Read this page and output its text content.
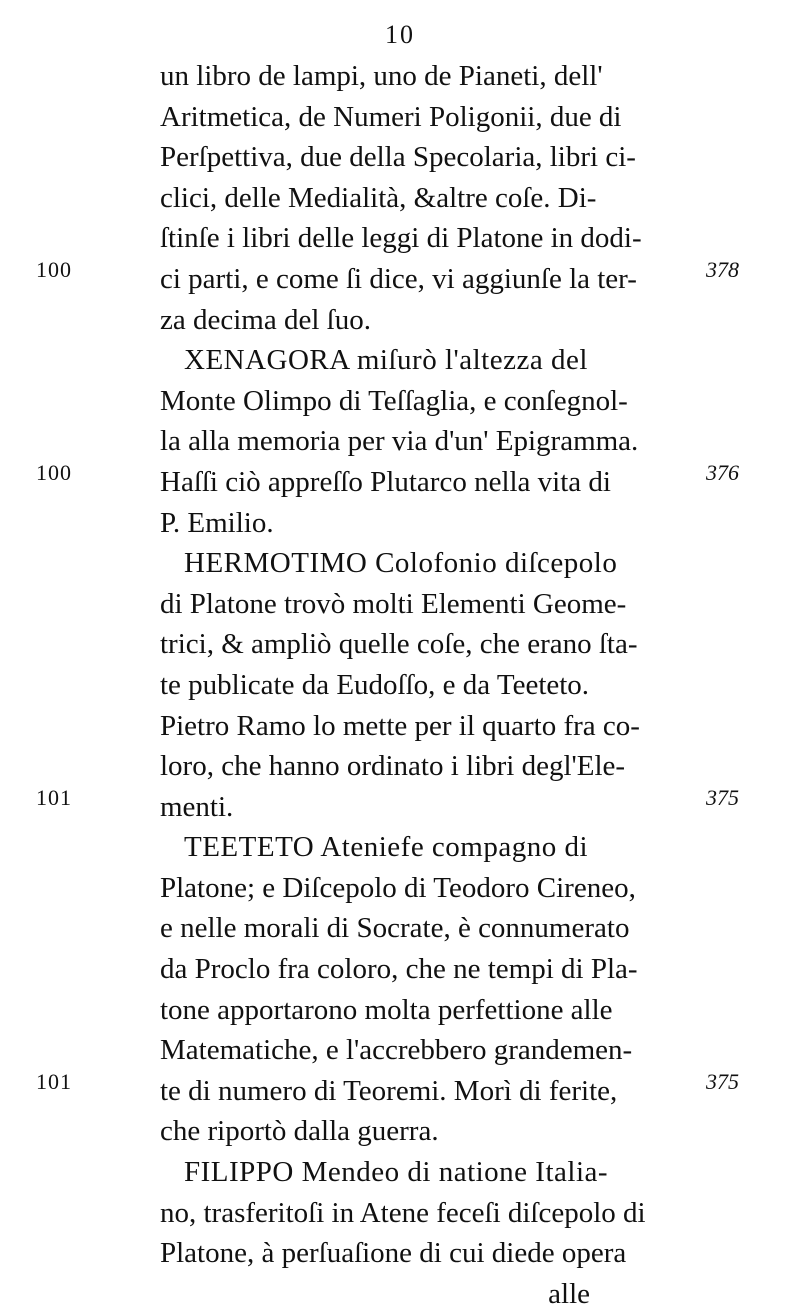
10
100
100
101
101
378
376
375
375
un libro de lampi, uno de Pianeti, dell'
Aritmetica, de Numeri Poligonii, due di
Perſpettiva, due della Specolaria, libri ci-
clici, delle Medialità, &altre coſe. Di-
ſtinſe i libri delle leggi di Platone in dodi-
ci parti, e come ſi dice, vi aggiunſe la ter-
za decima del ſuo.
XENAGORA miſurò l'altezza del
Monte Olimpo di Teſſaglia, e conſegnol-
la alla memoria per via d'un' Epigramma.
Haſſi ciò appreſſo Plutarco nella vita di
P. Emilio.
HERMOTIMO Colofonio diſcepolo
di Platone trovò molti Elementi Geome-
trici, & ampliò quelle coſe, che erano ſta-
te publicate da Eudoſſo, e da Teeteto.
Pietro Ramo lo mette per il quarto fra co-
loro, che hanno ordinato i libri degl'Ele-
menti.
TEETETO Ateniefe compagno di
Platone; e Diſcepolo di Teodoro Cireneo,
e nelle morali di Socrate, è connumerato
da Proclo fra coloro, che ne tempi di Pla-
tone apportarono molta perfettione alle
Matematiche, e l'accrebbero grandemen-
te di numero di Teoremi. Morì di ferite,
che riportò dalla guerra.
FILIPPO Mendeo di natione Italia-
no, trasferitoſi in Atene feceſi diſcepolo di
Platone, à perſuaſione di cui diede opera
alle
